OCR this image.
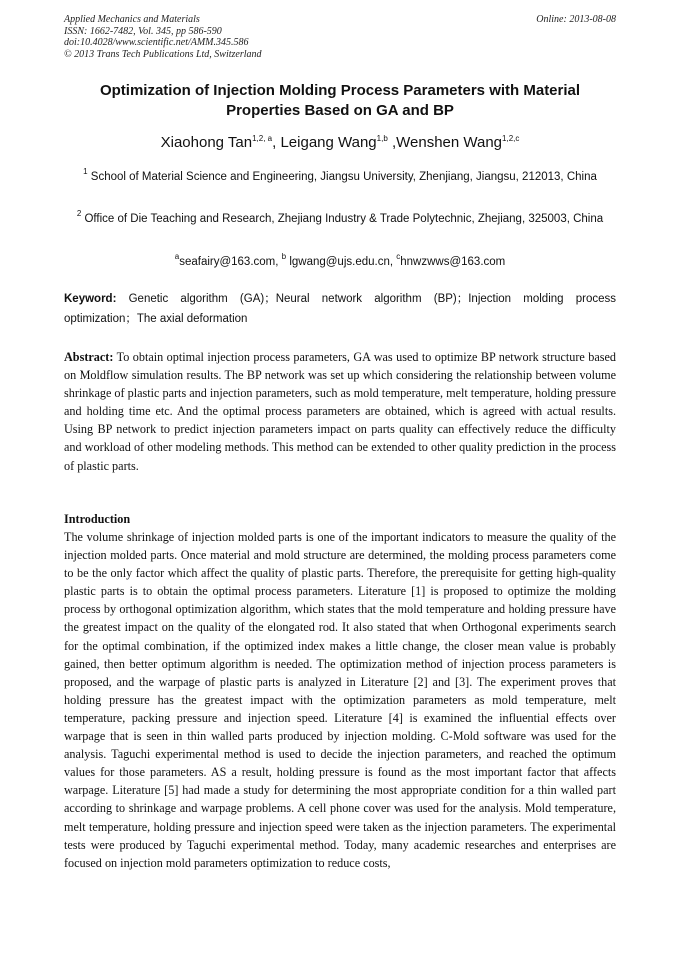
Applied Mechanics and Materials
ISSN: 1662-7482, Vol. 345, pp 586-590
doi:10.4028/www.scientific.net/AMM.345.586
© 2013 Trans Tech Publications Ltd, Switzerland
Online: 2013-08-08
Optimization of Injection Molding Process Parameters with Material Properties Based on GA and BP
Xiaohong Tan$^{1,2, a}$, Leigang Wang$^{1,b}$ ,Wenshen Wang$^{1,2,c}$
$^1$ School of Material Science and Engineering, Jiangsu University, Zhenjiang, Jiangsu, 212013, China
$^2$ Office of Die Teaching and Research, Zhejiang Industry & Trade Polytechnic, Zhejiang, 325003, China
$^a$seafairy@163.com, $^b$ lgwang@ujs.edu.cn, $^c$hnwzwws@163.com
Keyword: Genetic algorithm (GA)；Neural network algorithm (BP)；Injection molding process optimization；The axial deformation
Abstract: To obtain optimal injection process parameters, GA was used to optimize BP network structure based on Moldflow simulation results. The BP network was set up which considering the relationship between volume shrinkage of plastic parts and injection parameters, such as mold temperature, melt temperature, holding pressure and holding time etc. And the optimal process parameters are obtained, which is agreed with actual results. Using BP network to predict injection parameters impact on parts quality can effectively reduce the difficulty and workload of other modeling methods. This method can be extended to other quality prediction in the process of plastic parts.
Introduction

The volume shrinkage of injection molded parts is one of the important indicators to measure the quality of the injection molded parts. Once material and mold structure are determined, the molding process parameters come to be the only factor which affect the quality of plastic parts. Therefore, the prerequisite for getting high-quality plastic parts is to obtain the optimal process parameters. Literature [1] is proposed to optimize the molding process by orthogonal optimization algorithm, which states that the mold temperature and holding pressure have the greatest impact on the quality of the elongated rod. It also stated that when Orthogonal experiments search for the optimal combination, if the optimized index makes a little change, the closer mean value is probably gained, then better optimum algorithm is needed. The optimization method of injection process parameters is proposed, and the warpage of plastic parts is analyzed in Literature [2] and [3]. The experiment proves that holding pressure has the greatest impact with the optimization parameters as mold temperature, melt temperature, packing pressure and injection speed. Literature [4] is examined the influential effects over warpage that is seen in thin walled parts produced by injection molding. C-Mold software was used for the analysis. Taguchi experimental method is used to decide the injection parameters, and reached the optimum values for those parameters. AS a result, holding pressure is found as the most important factor that affects warpage. Literature [5] had made a study for determining the most appropriate condition for a thin walled part according to shrinkage and warpage problems. A cell phone cover was used for the analysis. Mold temperature, melt temperature, holding pressure and injection speed were taken as the injection parameters. The experimental tests were produced by Taguchi experimental method. Today, many academic researches and enterprises are focused on injection mold parameters optimization to reduce costs,
